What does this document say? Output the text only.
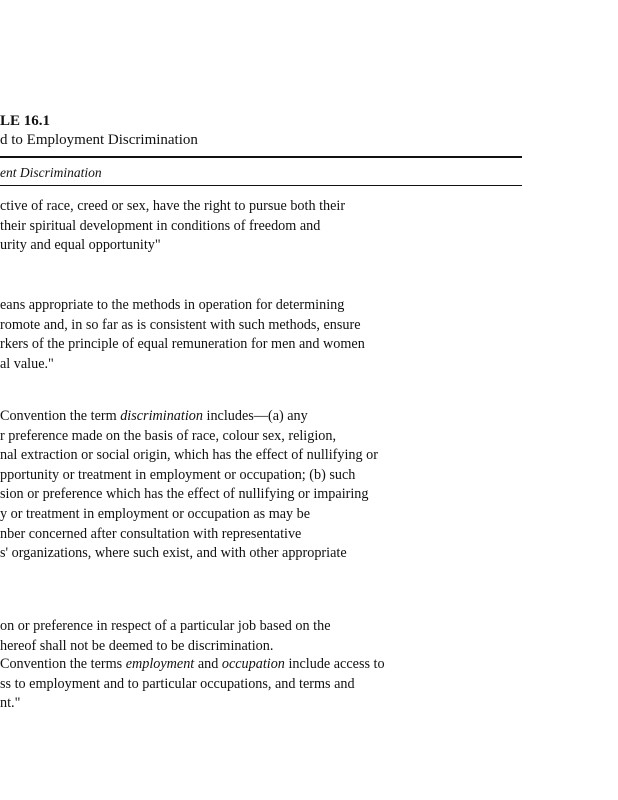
LE 16.1
d to Employment Discrimination
ent Discrimination

ctive of race, creed or sex, have the right to pursue both their
their spiritual development in conditions of freedom and
urity and equal opportunity"

eans appropriate to the methods in operation for determining
romote and, in so far as is consistent with such methods, ensure
rkers of the principle of equal remuneration for men and women
al value."

Convention the term discrimination includes—(a) any
r preference made on the basis of race, colour sex, religion,
nal extraction or social origin, which has the effect of nullifying or
pportunity or treatment in employment or occupation; (b) such
sion or preference which has the effect of nullifying or impairing
y or treatment in employment or occupation as may be
nber concerned after consultation with representative
s' organizations, where such exist, and with other appropriate

on or preference in respect of a particular job based on the
hereof shall not be deemed to be discrimination.

Convention the terms employment and occupation include access to
ss to employment and to particular occupations, and terms and
nt."
